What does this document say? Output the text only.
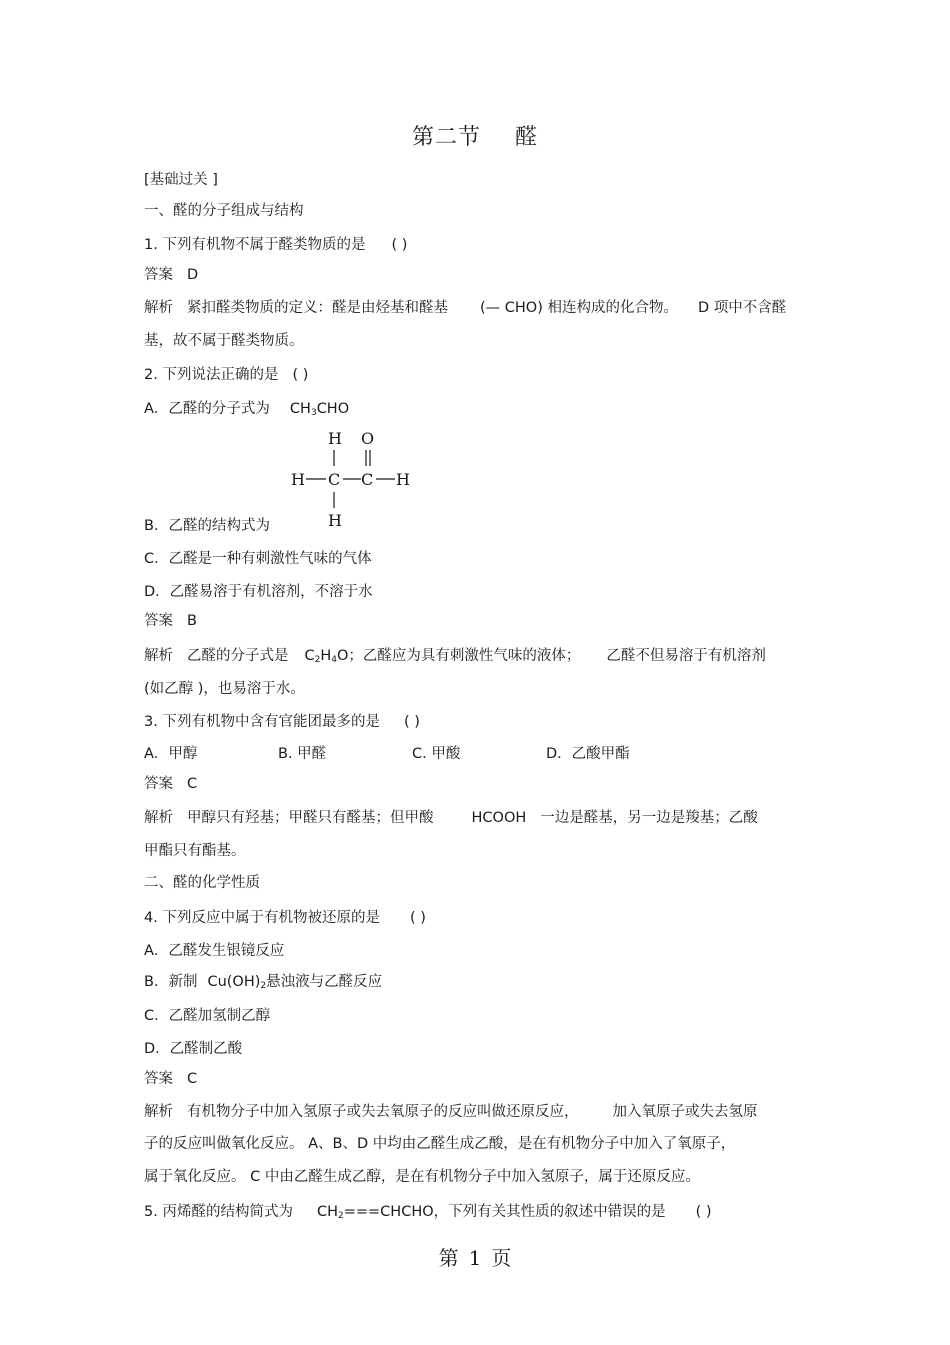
第二节 醛
[基础过关 ]
一、醛的分子组成与结构
1. 下列有机物不属于醛类物质的是 ( )
答案 D
解析 紧扣醛类物质的定义：醛是由烃基和醛基 (— CHO) 相连构成的化合物。 D 项中不含醛
基，故不属于醛类物质。
2. 下列说法正确的是 ( )
A．乙醛的分子式为 $CH_3CHO$
H O
H C C H
H
B．乙醛的结构式为
C．乙醛是一种有刺激性气味的气体
D．乙醛易溶于有机溶剂，不溶于水
答案 B
解析 乙醛的分子式是 $C_2H_4O$；乙醛应为具有刺激性气味的液体； 乙醛不但易溶于有机溶剂
(如乙醇 )，也易溶于水。
3. 下列有机物中含有官能团最多的是 ( )
A．甲醇	B. 甲醛	C. 甲酸	D．乙酸甲酯
答案 C
解析 甲醇只有羟基；甲醛只有醛基；但甲酸	HCOOH 一边是醛基，另一边是羧基；乙酸
甲酯只有酯基。
二、醛的化学性质
4. 下列反应中属于有机物被还原的是 ( )
A．乙醛发生银镜反应
B．新制 $Cu(OH)_2$悬浊液与乙醛反应
C．乙醛加氢制乙醇
D．乙醛制乙酸
答案 C
解析 有机物分子中加入氢原子或失去氧原子的反应叫做还原反应， 加入氧原子或失去氢原
子的反应叫做氧化反应。 A、B、D 中均由乙醛生成乙酸，是在有机物分子中加入了氧原子，
属于氧化反应。 C 中由乙醛生成乙醇，是在有机物分子中加入氢原子，属于还原反应。
5. 丙烯醛的结构简式为 $CH_2===CHCHO$，下列有关其性质的叙述中错误的是 ( )
第 1 页
